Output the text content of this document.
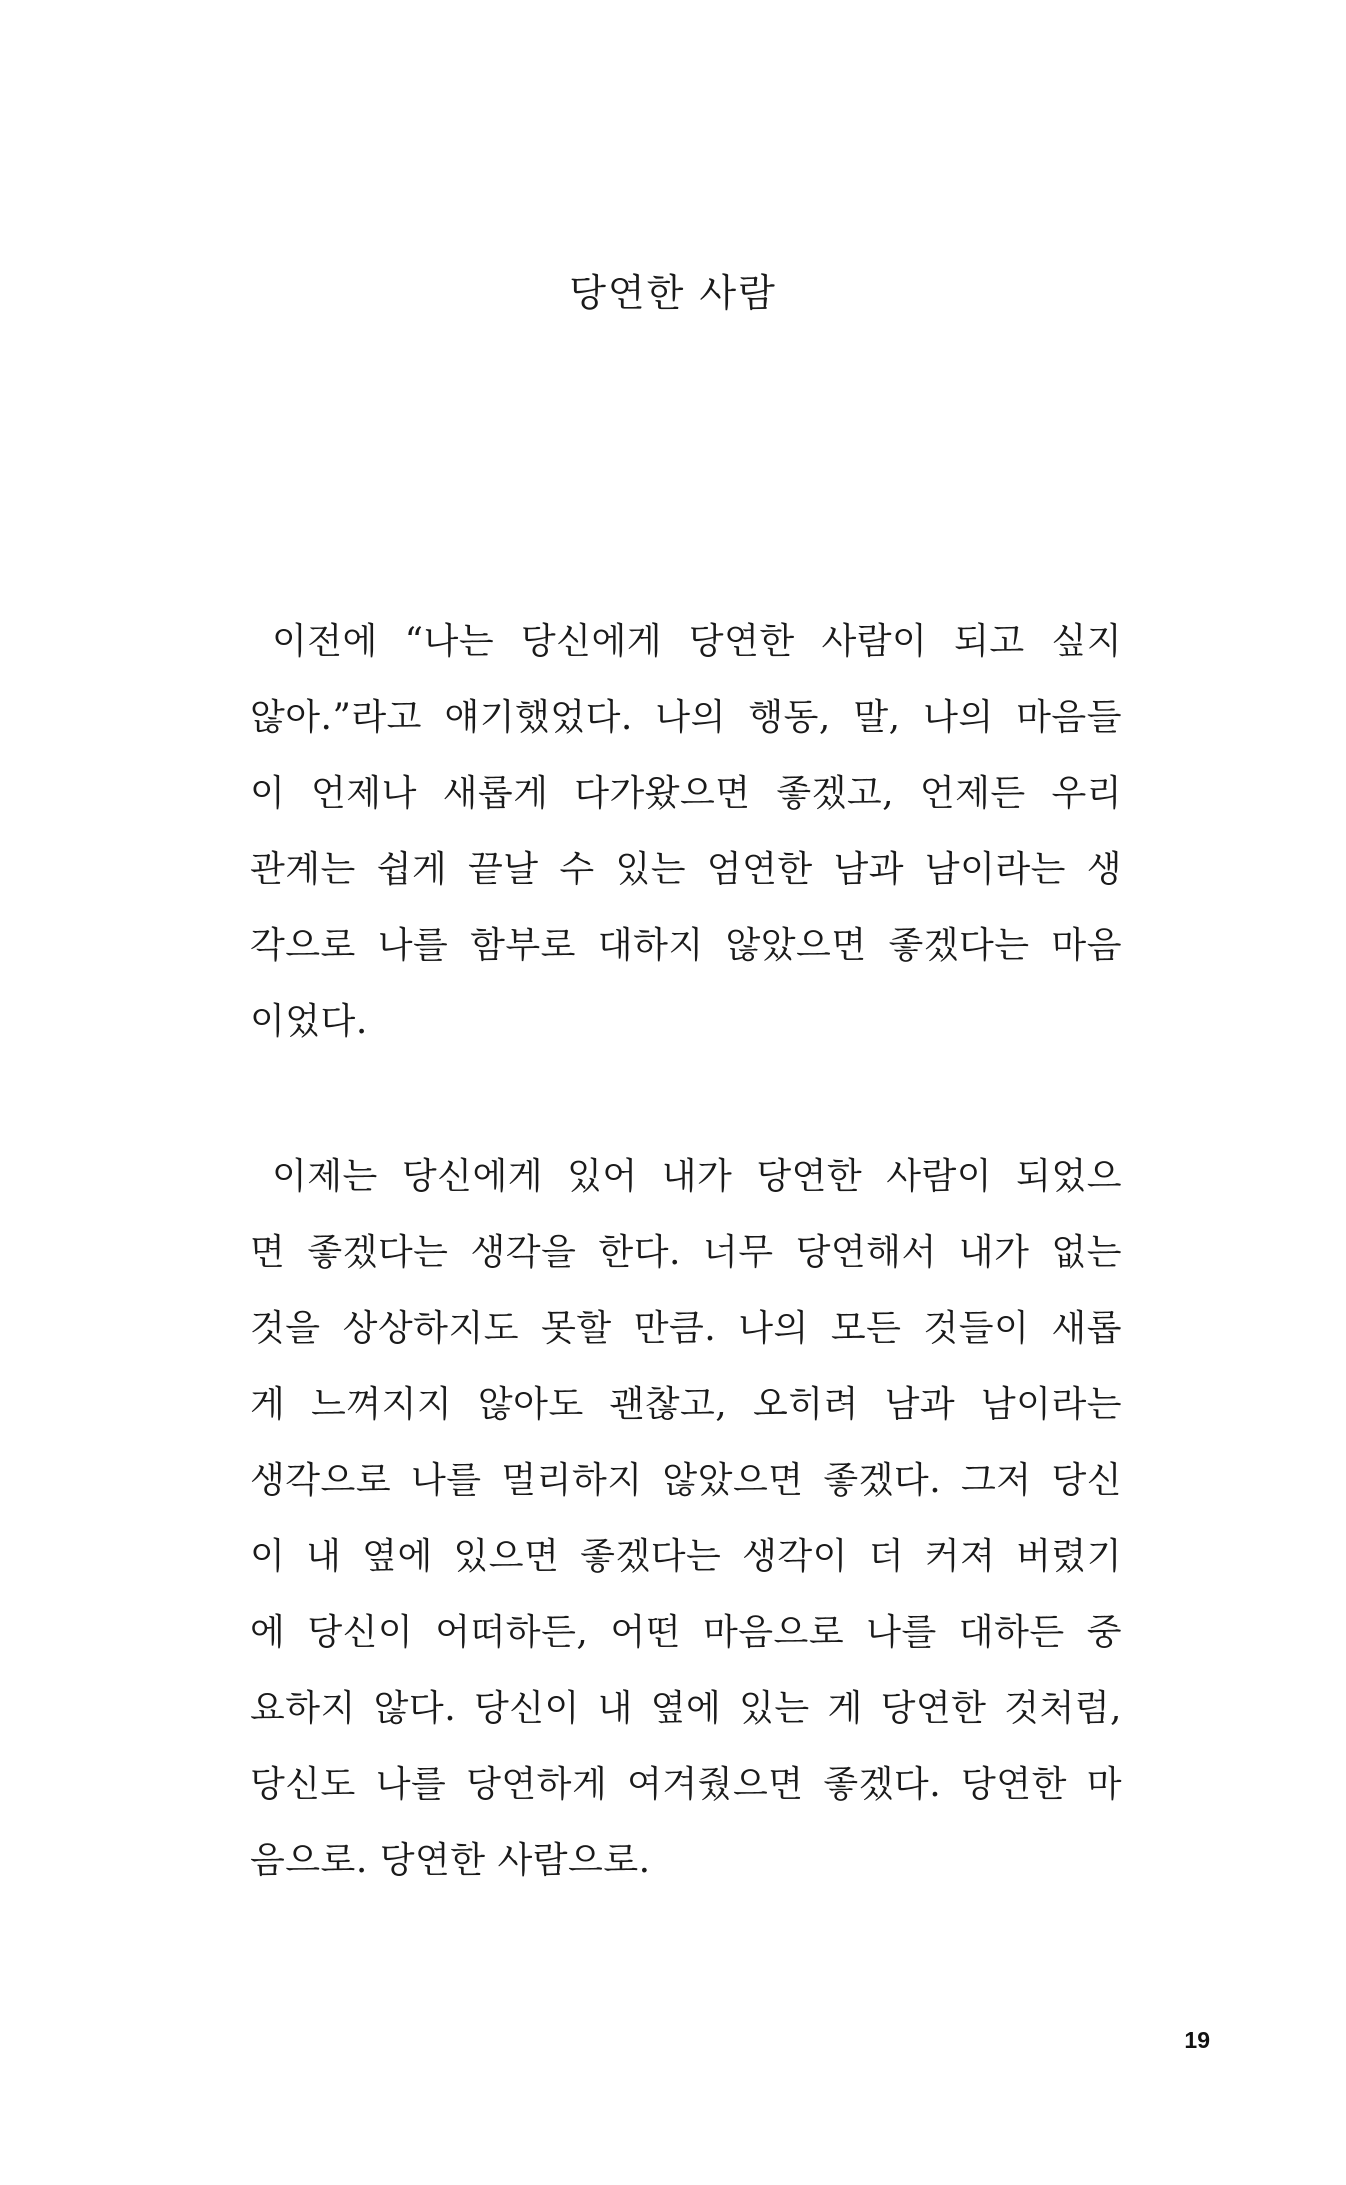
당연한 사람
이전에 “나는 당신에게 당연한 사람이 되고 싶지
않아.”라고 얘기했었다. 나의 행동, 말, 나의 마음들
이 언제나 새롭게 다가왔으면 좋겠고, 언제든 우리
관계는 쉽게 끝날 수 있는 엄연한 남과 남이라는 생
각으로 나를 함부로 대하지 않았으면 좋겠다는 마음
이었다.
이제는 당신에게 있어 내가 당연한 사람이 되었으
면 좋겠다는 생각을 한다. 너무 당연해서 내가 없는
것을 상상하지도 못할 만큼. 나의 모든 것들이 새롭
게 느껴지지 않아도 괜찮고, 오히려 남과 남이라는
생각으로 나를 멀리하지 않았으면 좋겠다. 그저 당신
이 내 옆에 있으면 좋겠다는 생각이 더 커져 버렸기
에 당신이 어떠하든, 어떤 마음으로 나를 대하든 중
요하지 않다. 당신이 내 옆에 있는 게 당연한 것처럼,
당신도 나를 당연하게 여겨줬으면 좋겠다. 당연한 마
음으로. 당연한 사람으로.
19
